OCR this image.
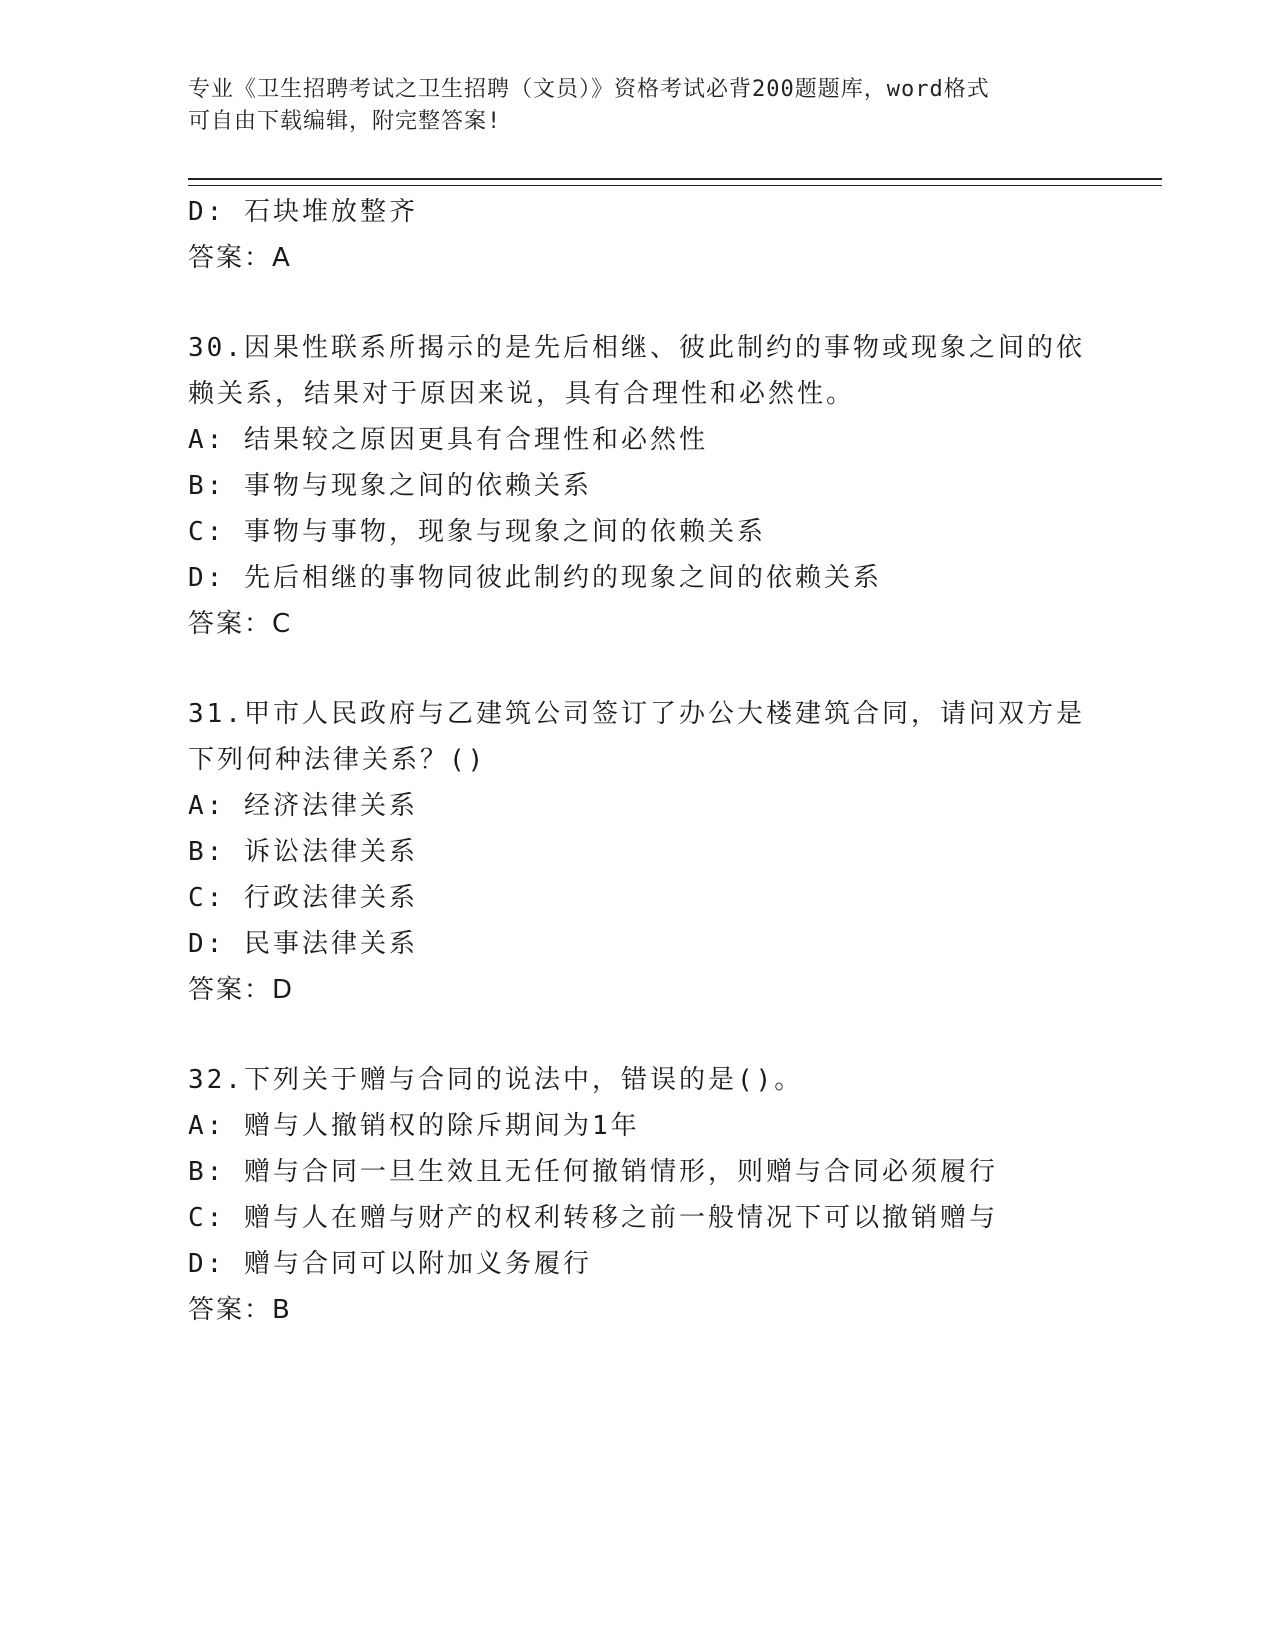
专业《卫生招聘考试之卫生招聘（文员）》资格考试必背200题题库，word格式
可自由下载编辑，附完整答案!
D: 石块堆放整齐
答案：A
30.因果性联系所揭示的是先后相继、彼此制约的事物或现象之间的依
赖关系，结果对于原因来说，具有合理性和必然性。
A: 结果较之原因更具有合理性和必然性
B: 事物与现象之间的依赖关系
C: 事物与事物，现象与现象之间的依赖关系
D: 先后相继的事物同彼此制约的现象之间的依赖关系
答案：C
31.甲市人民政府与乙建筑公司签订了办公大楼建筑合同，请问双方是
下列何种法律关系？()
A: 经济法律关系
B: 诉讼法律关系
C: 行政法律关系
D: 民事法律关系
答案：D
32.下列关于赠与合同的说法中，错误的是()。
A: 赠与人撤销权的除斥期间为1年
B: 赠与合同一旦生效且无任何撤销情形，则赠与合同必须履行
C: 赠与人在赠与财产的权利转移之前一般情况下可以撤销赠与
D: 赠与合同可以附加义务履行
答案：B
